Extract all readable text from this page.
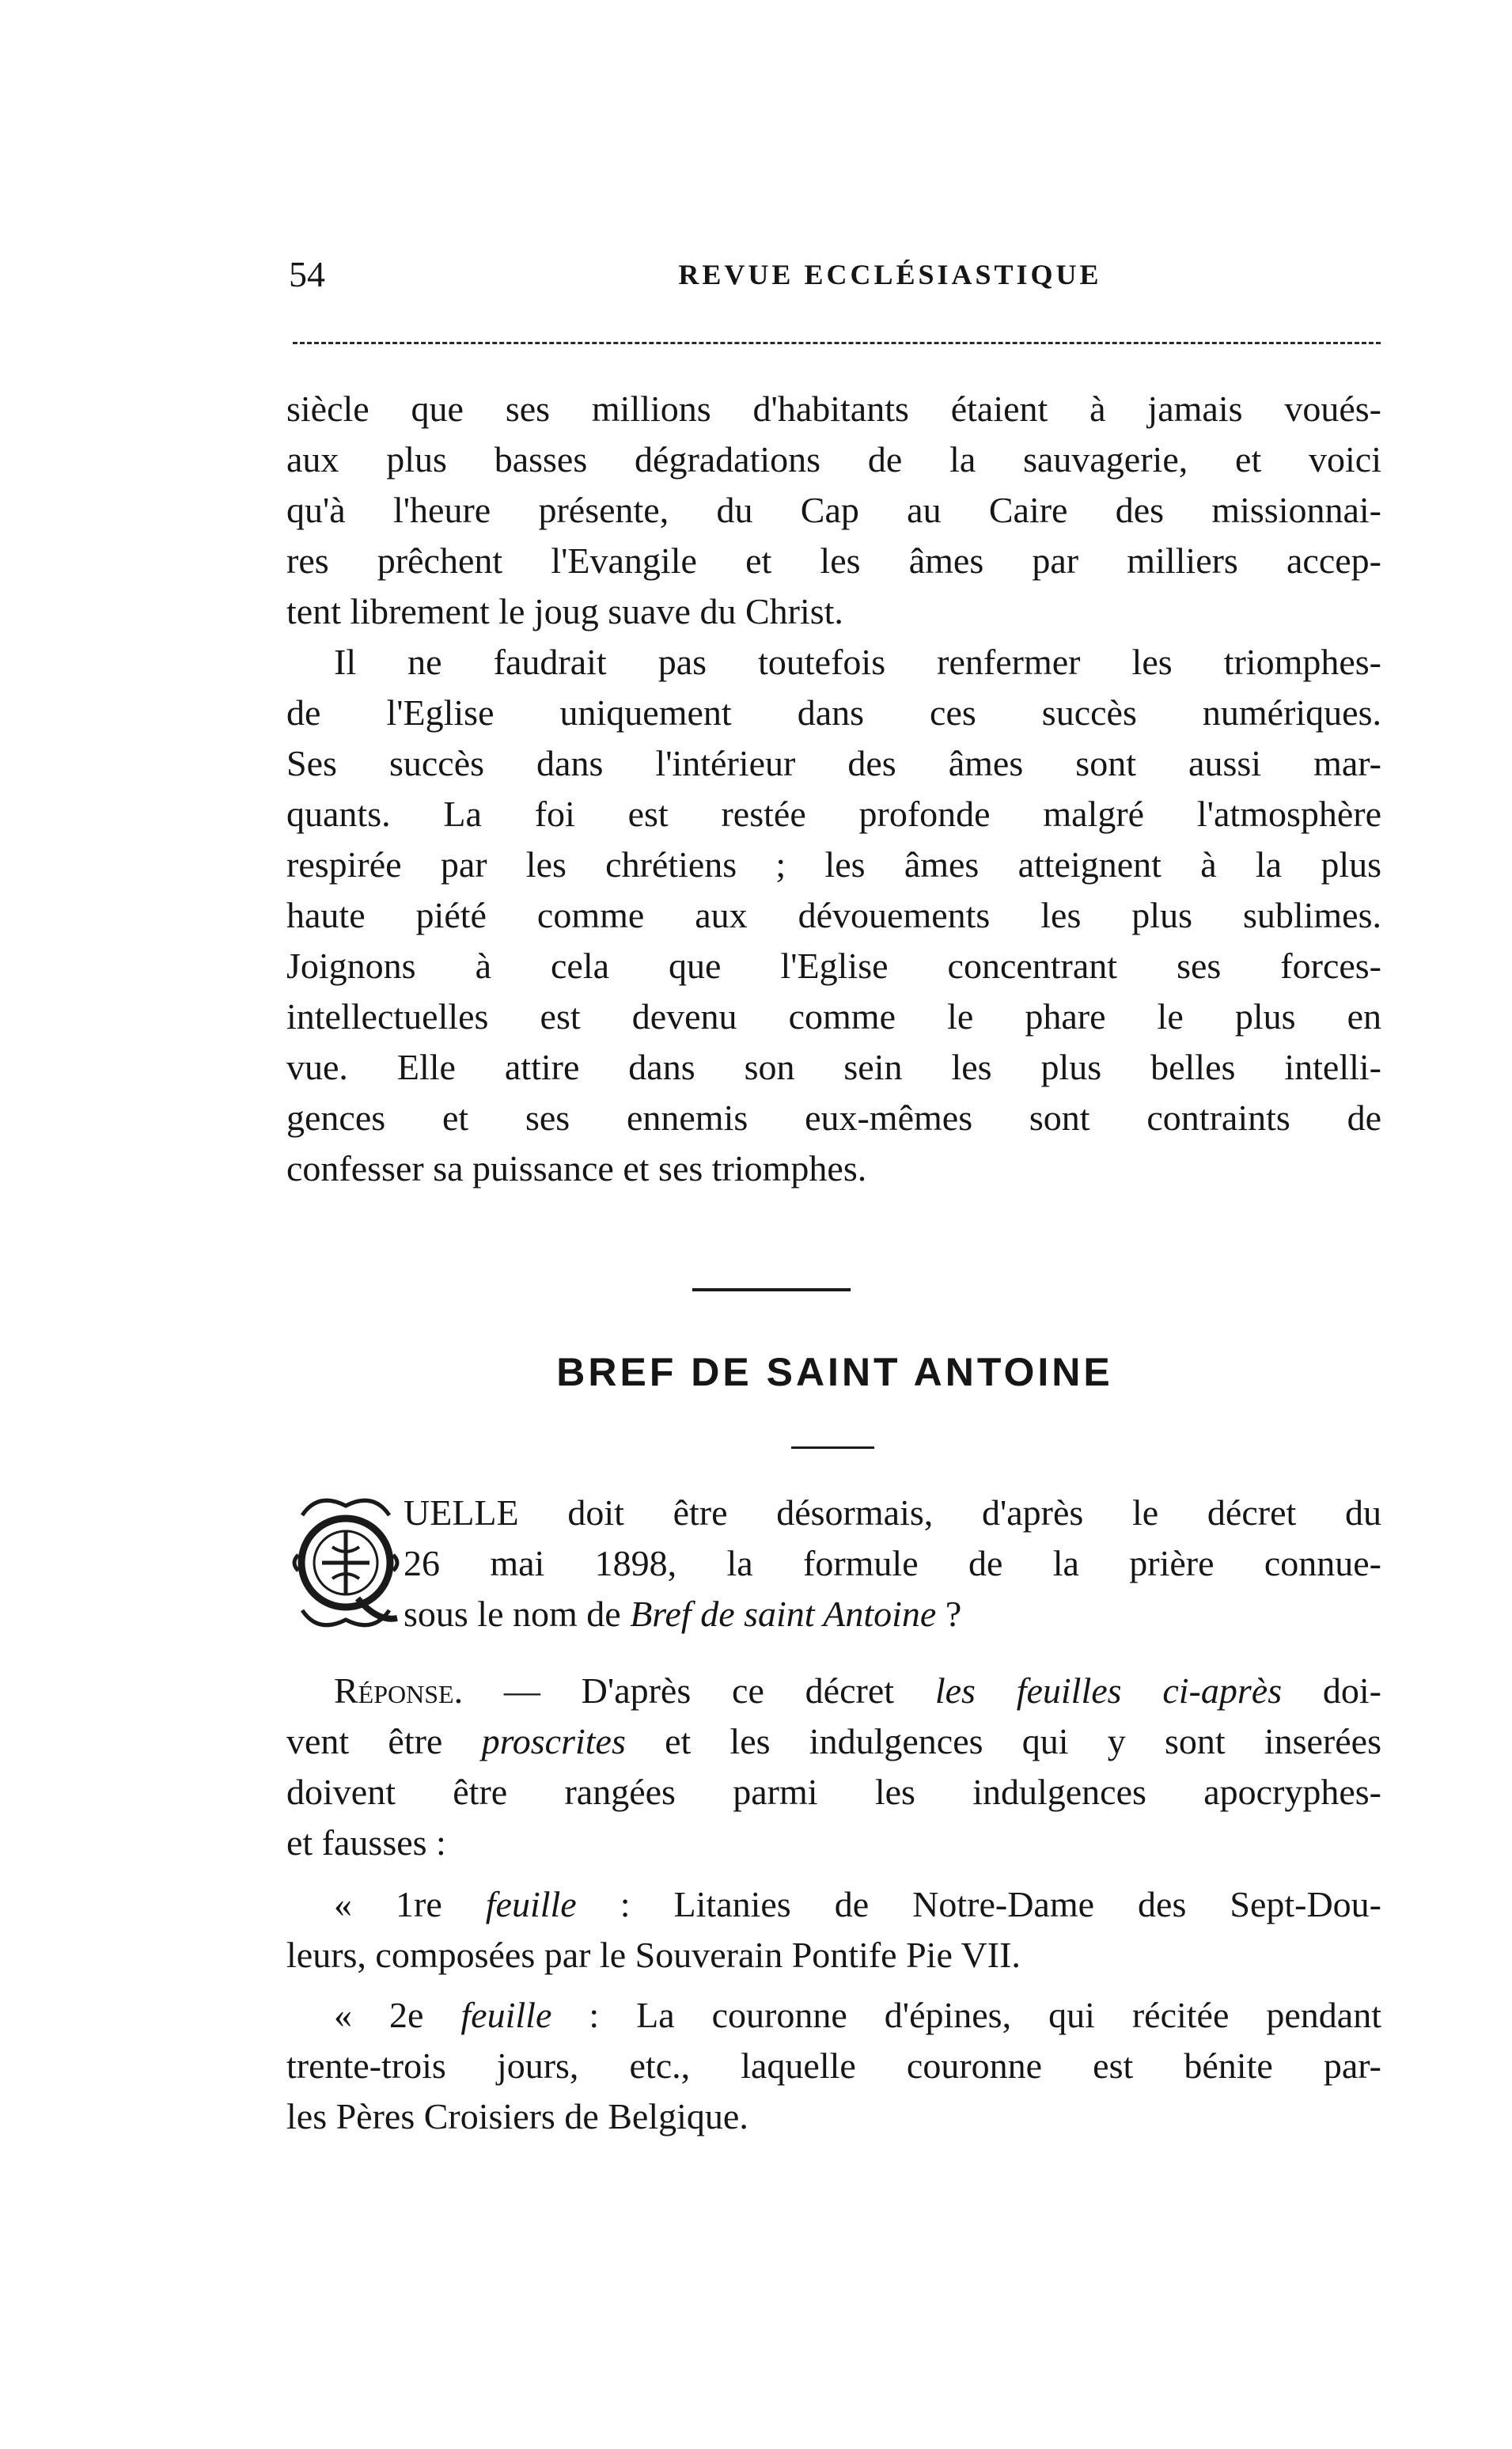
54	REVUE ECCLÉSIASTIQUE
siècle que ses millions d'habitants étaient à jamais voués-
aux plus basses dégradations de la sauvagerie, et voici
qu'à l'heure présente, du Cap au Caire des missionnai-
res prêchent l'Evangile et les âmes par milliers accep-
tent librement le joug suave du Christ.
Il ne faudrait pas toutefois renfermer les triomphes-
de l'Eglise uniquement dans ces succès numériques.
Ses succès dans l'intérieur des âmes sont aussi mar-
quants. La foi est restée profonde malgré l'atmosphère
respirée par les chrétiens ; les âmes atteignent à la plus
haute piété comme aux dévouements les plus sublimes.
Joignons à cela que l'Eglise concentrant ses forces-
intellectuelles est devenu comme le phare le plus en
vue. Elle attire dans son sein les plus belles intelli-
gences et ses ennemis eux-mêmes sont contraints de
confesser sa puissance et ses triomphes.
BREF DE SAINT ANTOINE
UELLE doit être désormais, d'après le décret du
26 mai 1898, la formule de la prière connue-
sous le nom de Bref de saint Antoine ?
Réponse. — D'après ce décret les feuilles ci-après doi-
vent être proscrites et les indulgences qui y sont inserées
doivent être rangées parmi les indulgences apocryphes-
et fausses :
« 1re feuille : Litanies de Notre-Dame des Sept-Dou-
leurs, composées par le Souverain Pontife Pie VII.
« 2e feuille : La couronne d'épines, qui récitée pendant
trente-trois jours, etc., laquelle couronne est bénite par-
les Pères Croisiers de Belgique.
